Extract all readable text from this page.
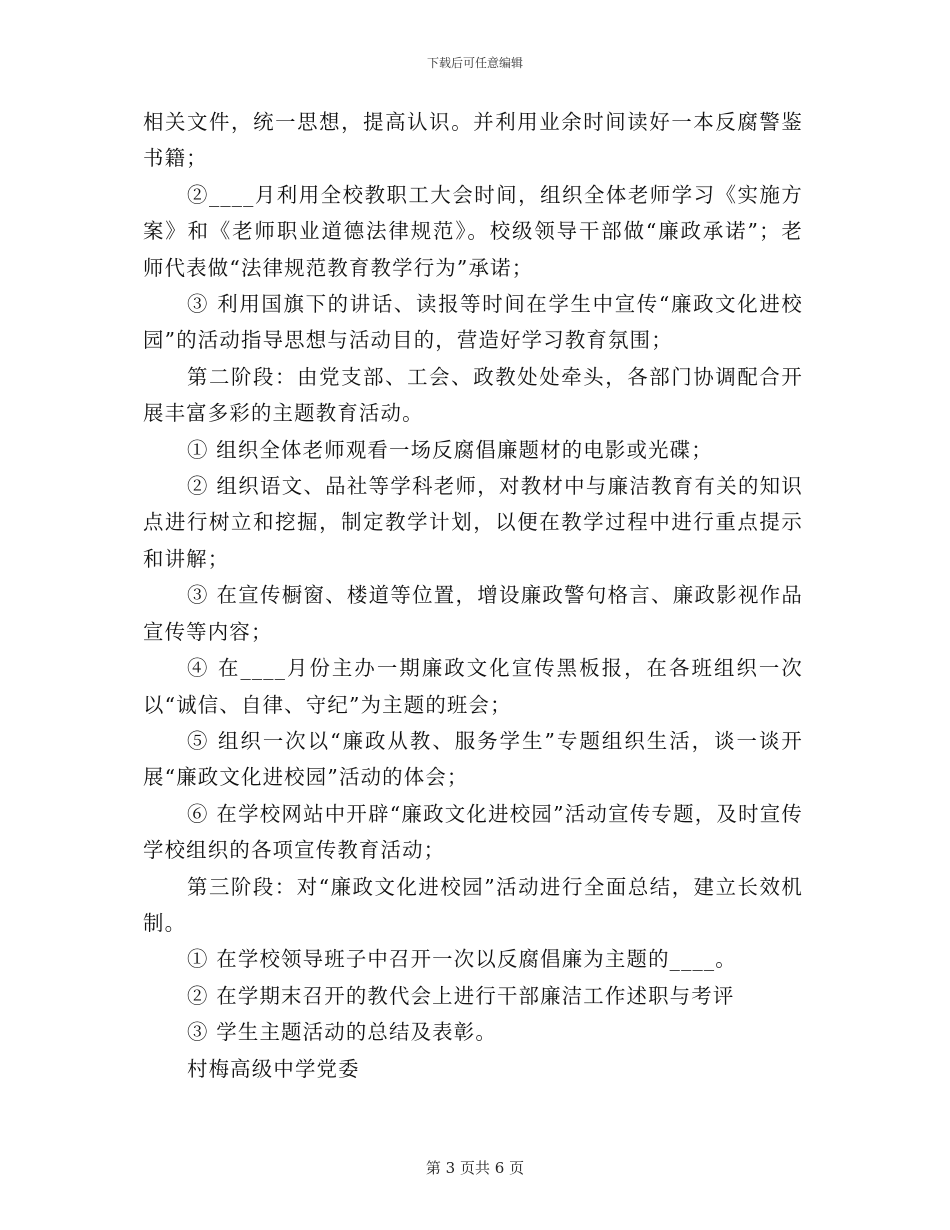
下载后可任意编辑

相关文件，统一思想，提高认识。并利用业余时间读好一本反腐警鉴书籍；

②____月利用全校教职工大会时间，组织全体老师学习《实施方案》和《老师职业道德法律规范》。校级领导干部做“廉政承诺”；老师代表做“法律规范教育教学行为”承诺；

③ 利用国旗下的讲话、读报等时间在学生中宣传“廉政文化进校园”的活动指导思想与活动目的，营造好学习教育氛围；

第二阶段：由党支部、工会、政教处处牵头，各部门协调配合开展丰富多彩的主题教育活动。

① 组织全体老师观看一场反腐倡廉题材的电影或光碟；

② 组织语文、品社等学科老师，对教材中与廉洁教育有关的知识点进行树立和挖掘，制定教学计划，以便在教学过程中进行重点提示和讲解；

③ 在宣传橱窗、楼道等位置，增设廉政警句格言、廉政影视作品宣传等内容；

④ 在____月份主办一期廉政文化宣传黑板报，在各班组织一次以“诚信、自律、守纪”为主题的班会；

⑤ 组织一次以“廉政从教、服务学生”专题组织生活，谈一谈开展“廉政文化进校园”活动的体会；

⑥ 在学校网站中开辟“廉政文化进校园”活动宣传专题，及时宣传学校组织的各项宣传教育活动；

第三阶段：对“廉政文化进校园”活动进行全面总结，建立长效机制。

① 在学校领导班子中召开一次以反腐倡廉为主题的____。

② 在学期末召开的教代会上进行干部廉洁工作述职与考评

③ 学生主题活动的总结及表彰。

村梅高级中学党委

第 3 页共 6 页
